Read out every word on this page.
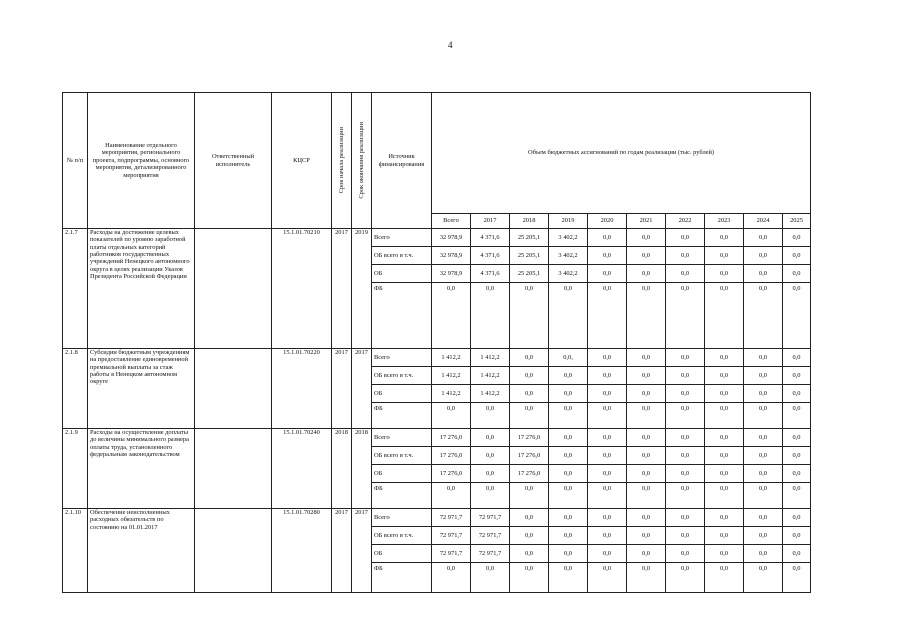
4
№ п/п	Наименование отдельного мероприятия, регионального проекта, подпрограммы, основного мероприятия, детализированного мероприятия	Ответственный исполнитель	КЦСР	Срок начала реализации	Срок окончания реализации	Источник финансирования	Объем бюджетных ассигнований по годам реализации (тыс. рублей)									
							Всего	2017	2018	2019	2020	2021	2022	2023	2024	2025
2.1.7	Расходы на достижение целевых показателей по уровню заработной платы отдельных категорий работников государственных учреждений Ненецкого автономного округа в целях реализации Указов Президента Российской Федерации		15.1.01.70210	2017	2019	Всего	32 978,9	4 371,6	25 205,1	3 402,2	0,0	0,0	0,0	0,0	0,0	0,0
						ОБ всего в т.ч.	32 978,9	4 371,6	25 205,1	3 402,2	0,0	0,0	0,0	0,0	0,0	0,0
						ОБ	32 978,9	4 371,6	25 205,1	3 402,2	0,0	0,0	0,0	0,0	0,0	0,0
						ФБ	0,0	0,0	0,0	0,0	0,0	0,0	0,0	0,0	0,0	0,0
2.1.8	Субсидии бюджетным учреждениям на предоставление единовременной премиальной выплаты за стаж работы в Ненецком автономном округе		15.1.01.70220	2017	2017	Всего	1 412,2	1 412,2	0,0	0,0,	0,0	0,0	0,0	0,0	0,0	0,0
						ОБ всего в т.ч.	1 412,2	1 412,2	0,0	0,0	0,0	0,0	0,0	0,0	0,0	0,0
						ОБ	1 412,2	1 412,2	0,0	0,0	0,0	0,0	0,0	0,0	0,0	0,0
						ФБ	0,0	0,0	0,0	0,0	0,0	0,0	0,0	0,0	0,0	0,0
2.1.9	Расходы на осуществление доплаты до величины минимального размера оплаты труда, установленного федеральным законодательством		15.1.01.70240	2018	2018	Всего	17 276,0	0,0	17 276,0	0,0	0,0	0,0	0,0	0,0	0,0	0,0
						ОБ всего в т.ч.	17 276,0	0,0	17 276,0	0,0	0,0	0,0	0,0	0,0	0,0	0,0
						ОБ	17 276,0	0,0	17 276,0	0,0	0,0	0,0	0,0	0,0	0,0	0,0
						ФБ	0,0	0,0	0,0	0,0	0,0	0,0	0,0	0,0	0,0	0,0
2.1.10	Обеспечение неисполненных расходных обязательств по состоянию на 01.01.2017		15.1.01.70280	2017	2017	Всего	72 971,7	72 971,7	0,0	0,0	0,0	0,0	0,0	0,0	0,0	0,0
						ОБ всего в т.ч.	72 971,7	72 971,7	0,0	0,0	0,0	0,0	0,0	0,0	0,0	0,0
						ОБ	72 971,7	72 971,7	0,0	0,0	0,0	0,0	0,0	0,0	0,0	0,0
						ФБ	0,0	0,0	0,0	0,0	0,0	0,0	0,0	0,0	0,0	0,0
